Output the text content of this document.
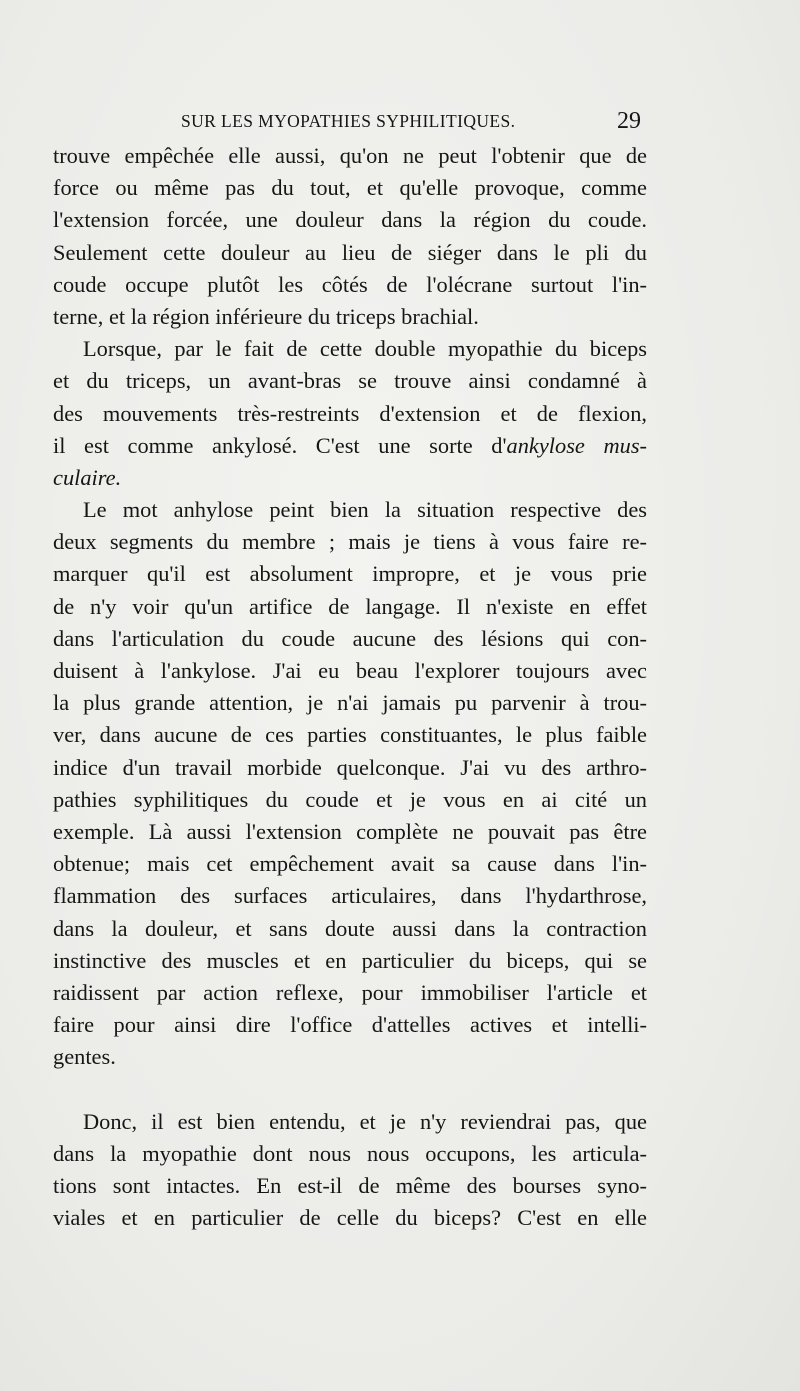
SUR LES MYOPATHIES SYPHILITIQUES.	29
trouve empêchée elle aussi, qu'on ne peut l'obtenir que de
force ou même pas du tout, et qu'elle provoque, comme
l'extension forcée, une douleur dans la région du coude.
Seulement cette douleur au lieu de siéger dans le pli du
coude occupe plutôt les côtés de l'olécrane surtout l'in-
terne, et la région inférieure du triceps brachial.
Lorsque, par le fait de cette double myopathie du biceps
et du triceps, un avant-bras se trouve ainsi condamné à
des mouvements très-restreints d'extension et de flexion,
il est comme ankylosé. C'est une sorte d'ankylose mus-
culaire.
Le mot anhylose peint bien la situation respective des
deux segments du membre ; mais je tiens à vous faire re-
marquer qu'il est absolument impropre, et je vous prie
de n'y voir qu'un artifice de langage. Il n'existe en effet
dans l'articulation du coude aucune des lésions qui con-
duisent à l'ankylose. J'ai eu beau l'explorer toujours avec
la plus grande attention, je n'ai jamais pu parvenir à trou-
ver, dans aucune de ces parties constituantes, le plus faible
indice d'un travail morbide quelconque. J'ai vu des arthro-
pathies syphilitiques du coude et je vous en ai cité un
exemple. Là aussi l'extension complète ne pouvait pas être
obtenue; mais cet empêchement avait sa cause dans l'in-
flammation des surfaces articulaires, dans l'hydarthrose,
dans la douleur, et sans doute aussi dans la contraction
instinctive des muscles et en particulier du biceps, qui se
raidissent par action reflexe, pour immobiliser l'article et
faire pour ainsi dire l'office d'attelles actives et intelli-
gentes.
Donc, il est bien entendu, et je n'y reviendrai pas, que
dans la myopathie dont nous nous occupons, les articula-
tions sont intactes. En est-il de même des bourses syno-
viales et en particulier de celle du biceps? C'est en elle
